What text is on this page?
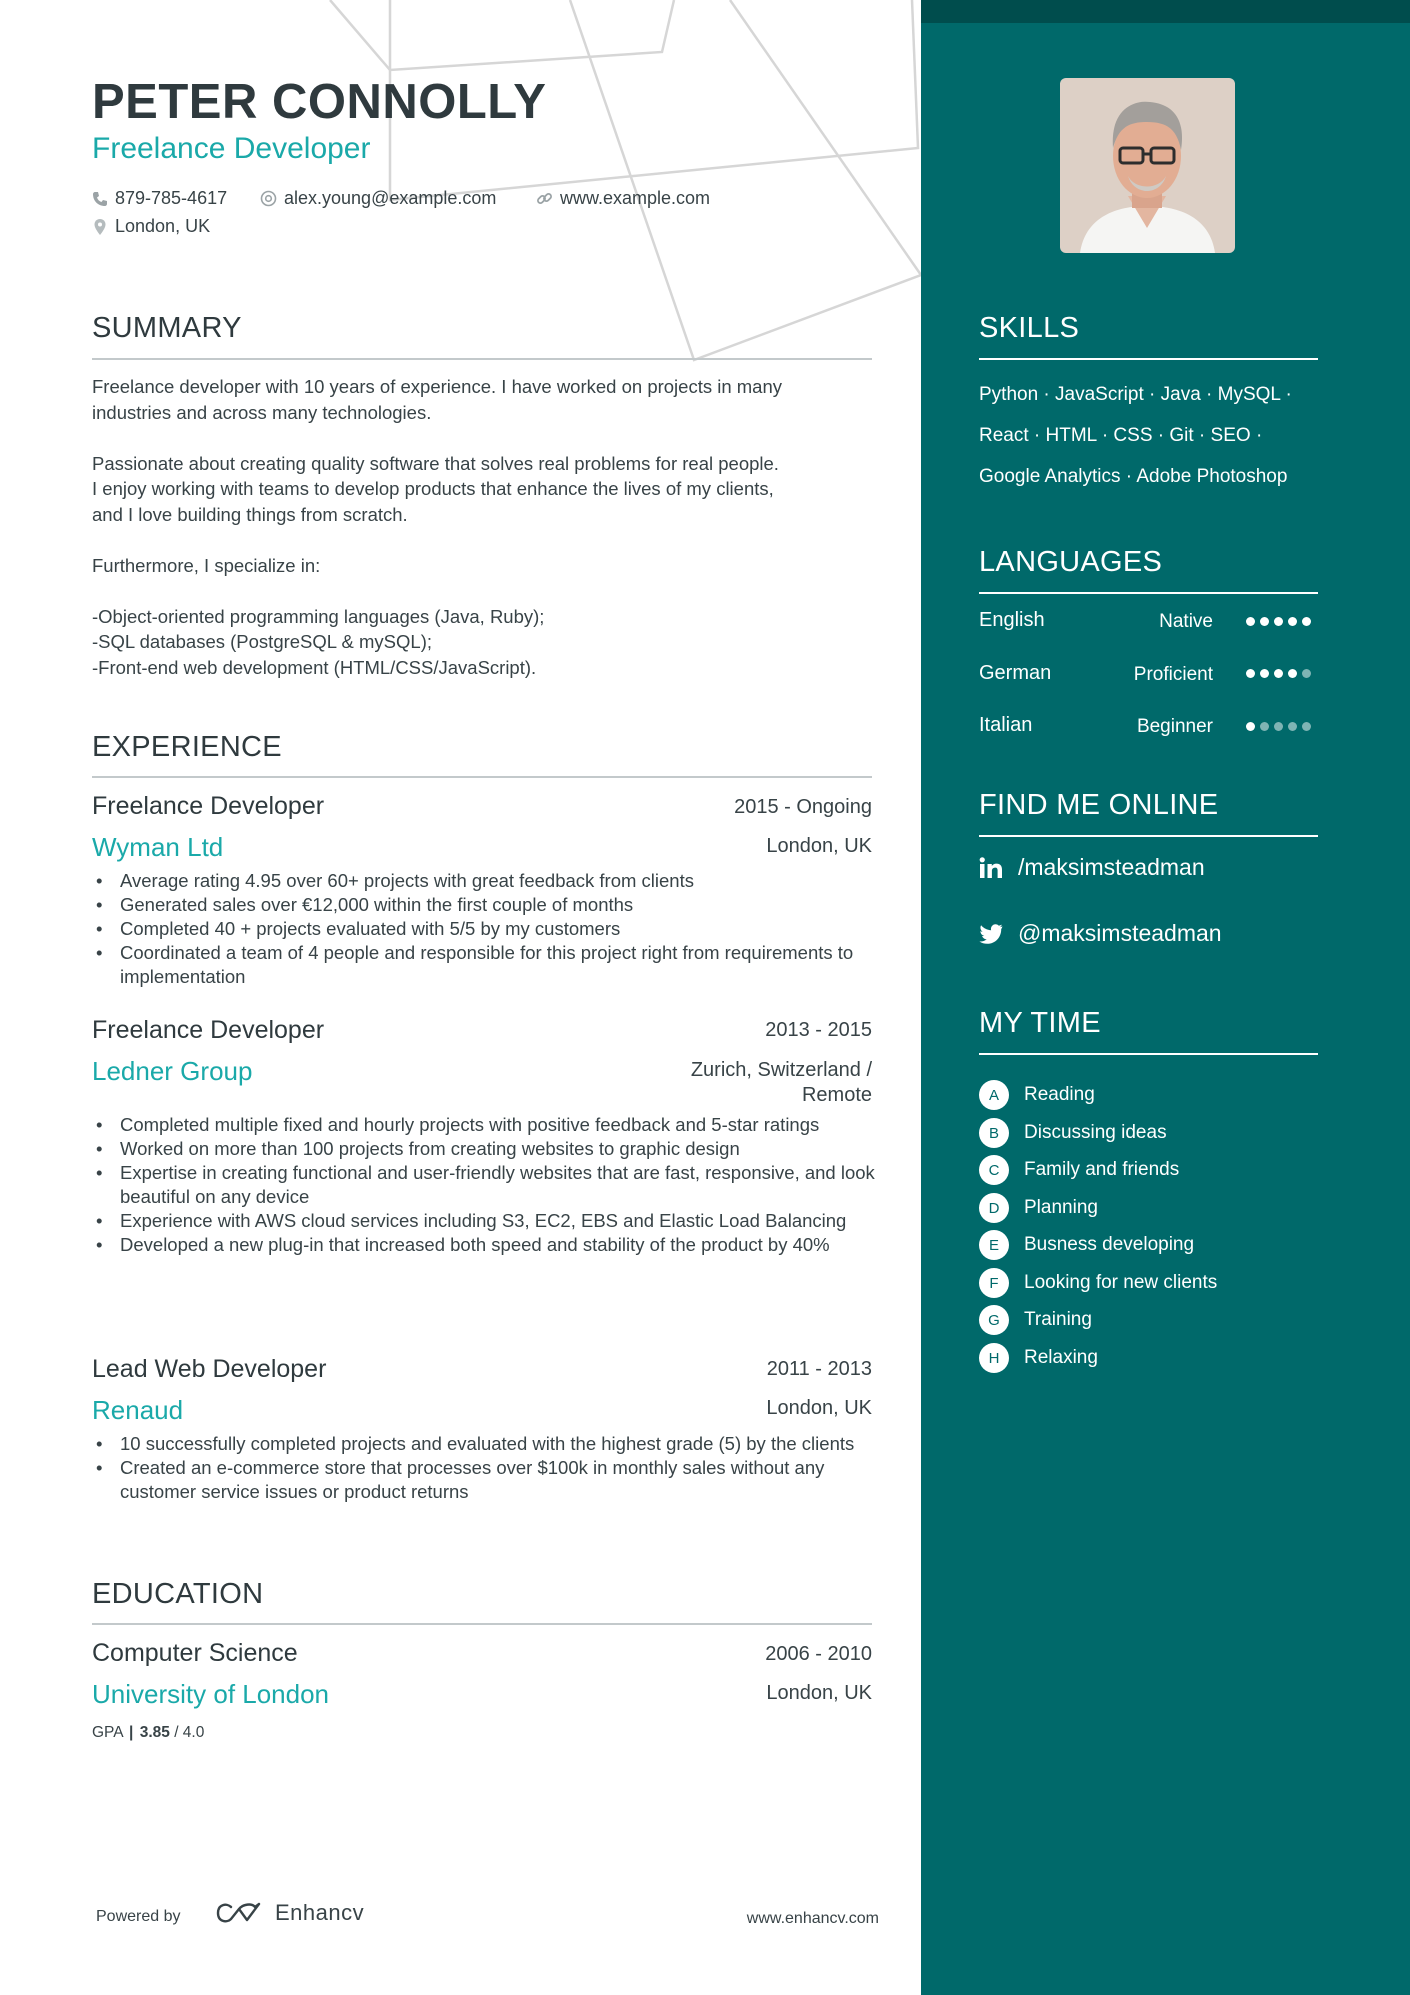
PETER CONNOLLY
Freelance Developer
879-785-4617	alex.young@example.com	www.example.com
London, UK
SUMMARY
Freelance developer with 10 years of experience. I have worked on projects in many
industries and across many technologies.
Passionate about creating quality software that solves real problems for real people.
I enjoy working with teams to develop products that enhance the lives of my clients,
and I love building things from scratch.
Furthermore, I specialize in:
-Object-oriented programming languages (Java, Ruby);
-SQL databases (PostgreSQL & mySQL);
-Front-end web development (HTML/CSS/JavaScript).
EXPERIENCE
Freelance Developer	2015 - Ongoing
Wyman Ltd	London, UK
• Average rating 4.95 over 60+ projects with great feedback from clients
• Generated sales over €12,000 within the first couple of months
• Completed 40 + projects evaluated with 5/5 by my customers
• Coordinated a team of 4 people and responsible for this project right from requirements to implementation
Freelance Developer	2013 - 2015
Ledner Group	Zurich, Switzerland /
Remote
• Completed multiple fixed and hourly projects with positive feedback and 5-star ratings
• Worked on more than 100 projects from creating websites to graphic design
• Expertise in creating functional and user-friendly websites that are fast, responsive, and look beautiful on any device
• Experience with AWS cloud services including S3, EC2, EBS and Elastic Load Balancing
• Developed a new plug-in that increased both speed and stability of the product by 40%
Lead Web Developer	2011 - 2013
Renaud	London, UK
• 10 successfully completed projects and evaluated with the highest grade (5) by the clients
• Created an e-commerce store that processes over $100k in monthly sales without any customer service issues or product returns
EDUCATION
Computer Science	2006 - 2010
University of London	London, UK
GPA | 3.85 / 4.0
Powered by	Enhancv	www.enhancv.com
SKILLS
Python · JavaScript · Java · MySQL ·
React · HTML · CSS · Git · SEO ·
Google Analytics · Adobe Photoshop
LANGUAGES
English	Native
German	Proficient
Italian	Beginner
FIND ME ONLINE
/maksimsteadman
@maksimsteadman
MY TIME
A	Reading
B	Discussing ideas
C	Family and friends
D	Planning
E	Busness developing
F	Looking for new clients
G	Training
H	Relaxing
